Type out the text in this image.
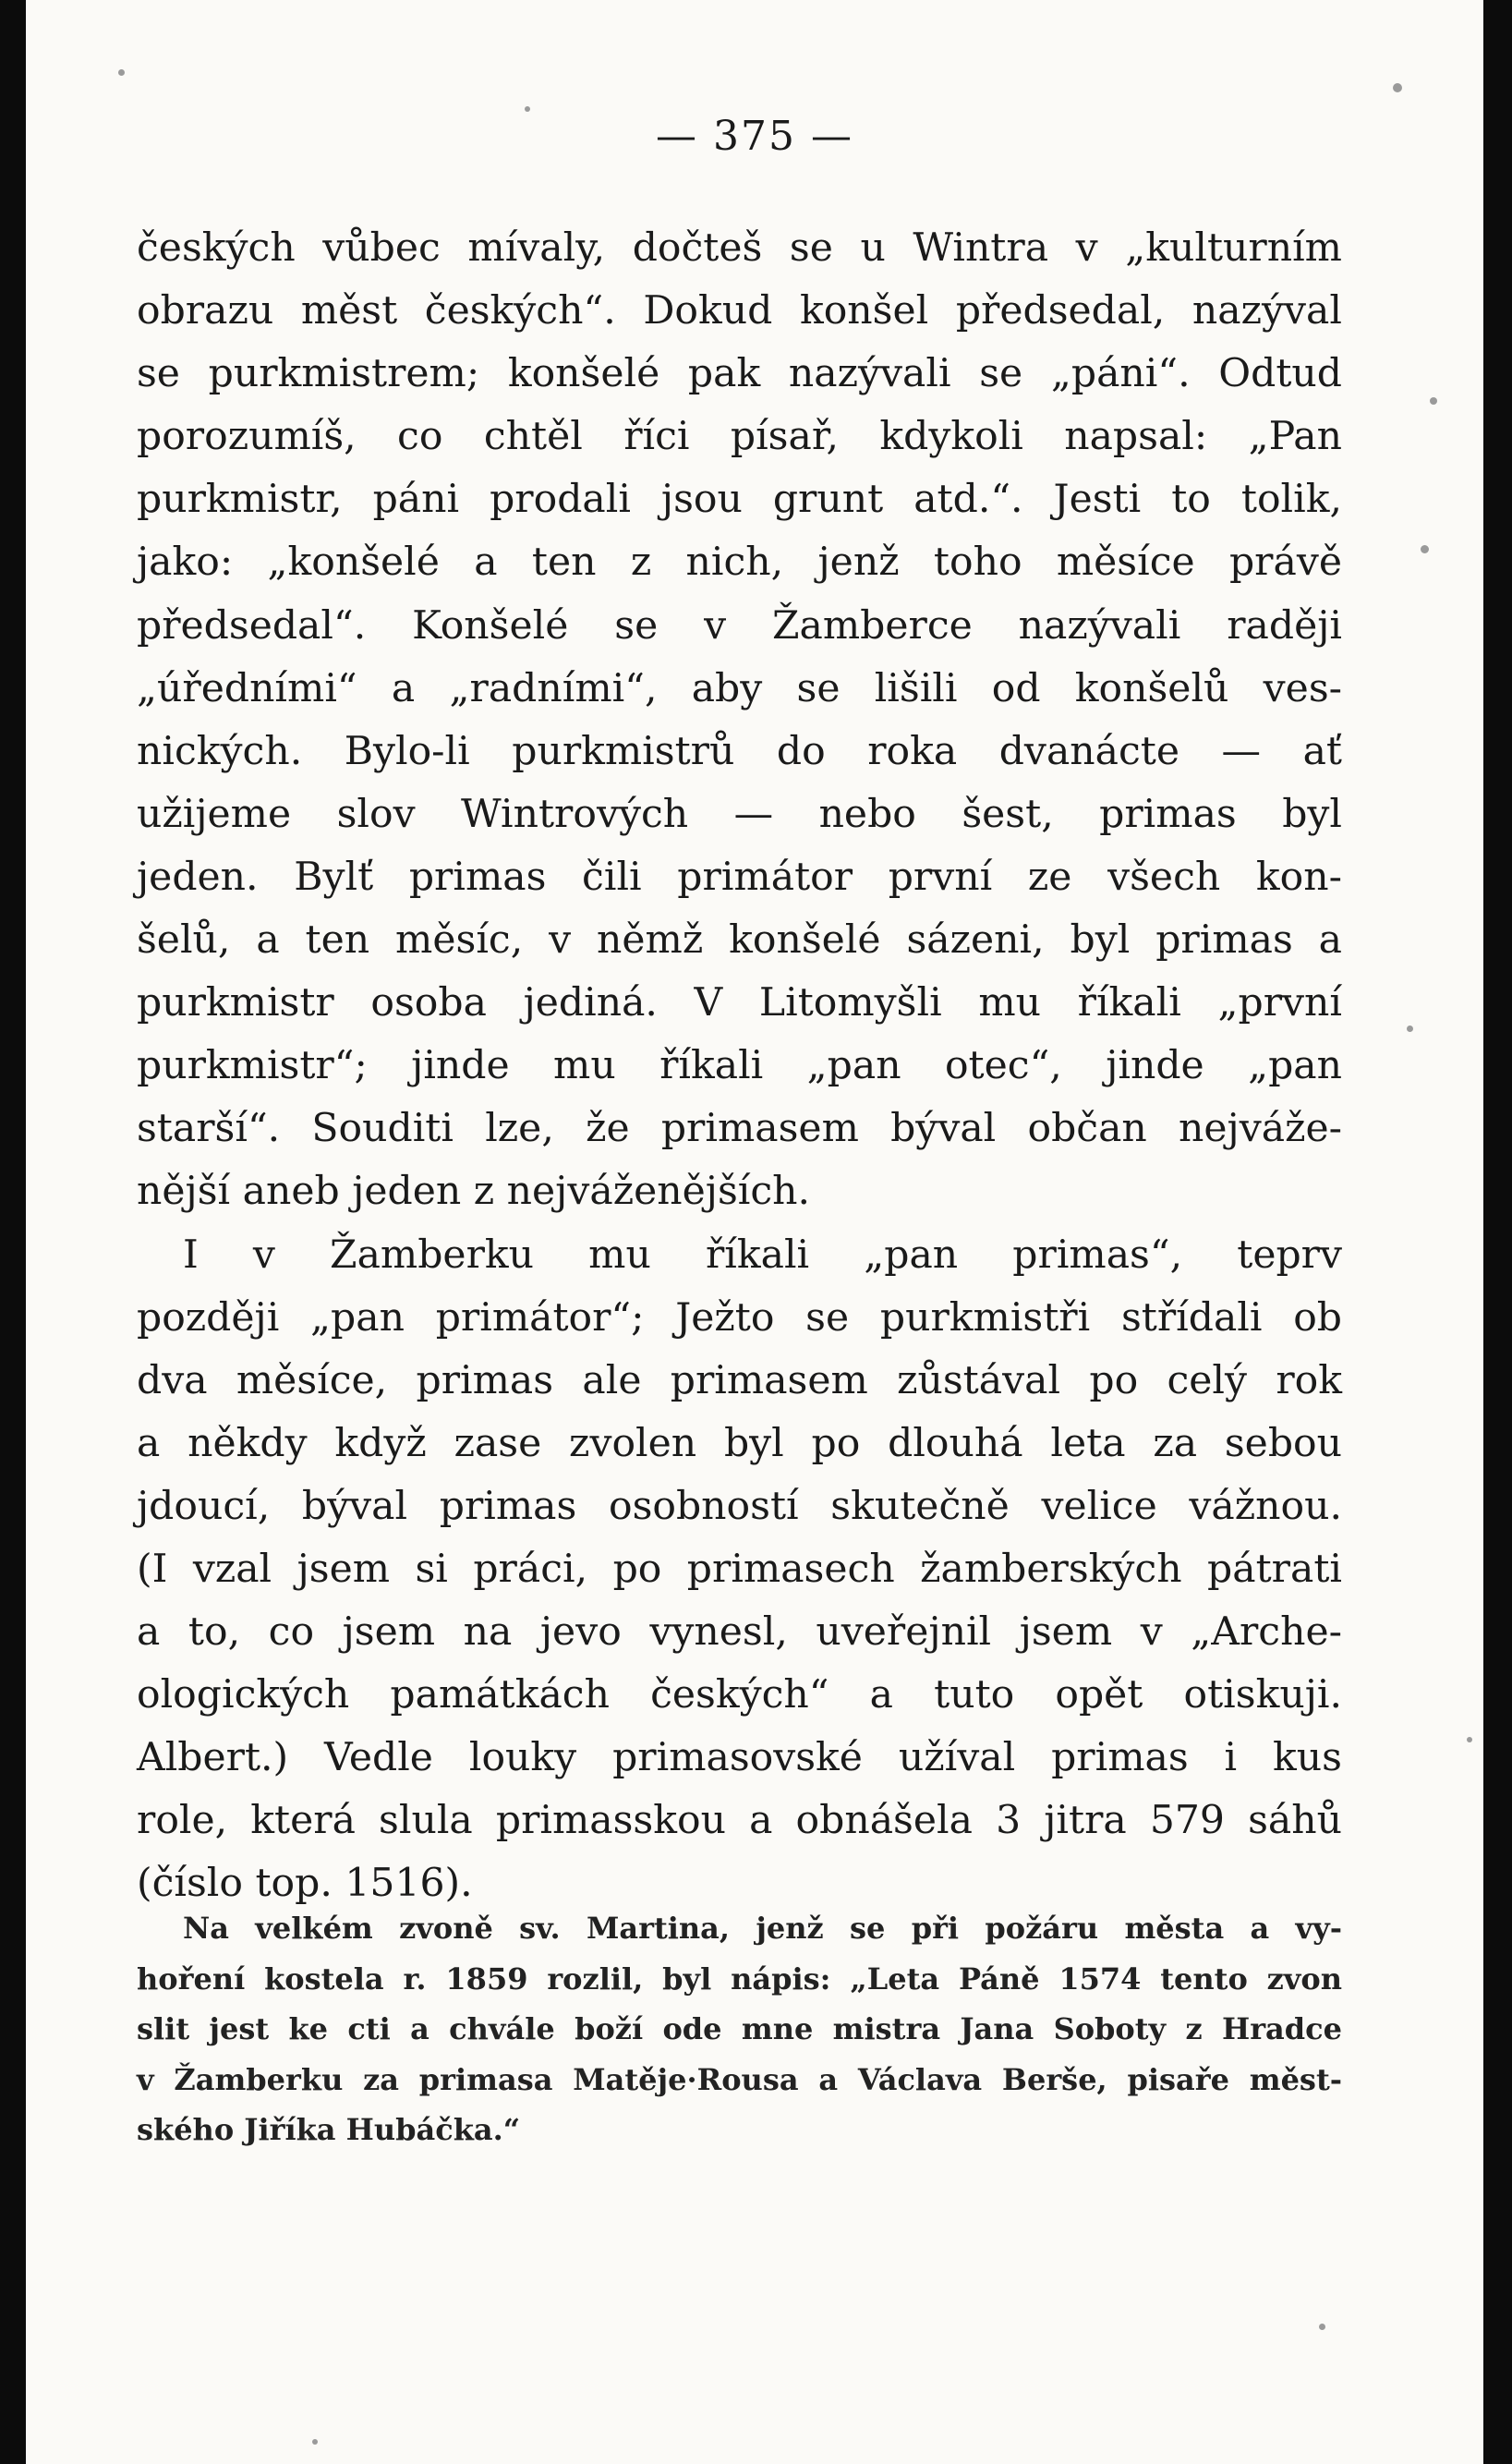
— 375 —
českých vůbec mívaly, dočteš se u Wintra v „kulturním
obrazu měst českých“. Dokud konšel předsedal, nazýval
se purkmistrem; konšelé pak nazývali se „páni“. Odtud
porozumíš, co chtěl říci písař, kdykoli napsal: „Pan
purkmistr, páni prodali jsou grunt atd.“. Jesti to tolik,
jako: „konšelé a ten z nich, jenž toho měsíce právě
předsedal“. Konšelé se v Žamberce nazývali raději
„úředními“ a „radními“, aby se lišili od konšelů ves-
nických. Bylo-li purkmistrů do roka dvanácte — ať
užijeme slov Wintrových — nebo šest, primas byl
jeden. Bylť primas čili primátor první ze všech kon-
šelů, a ten měsíc, v němž konšelé sázeni, byl primas a
purkmistr osoba jediná. V Litomyšli mu říkali „první
purkmistr“; jinde mu říkali „pan otec“, jinde „pan
starší“. Souditi lze, že primasem býval občan nejváže-
nější aneb jeden z nejváženějších.
I v Žamberku mu říkali „pan primas“, teprv
později „pan primátor“; Ježto se purkmistři střídali ob
dva měsíce, primas ale primasem zůstával po celý rok
a někdy když zase zvolen byl po dlouhá leta za sebou
jdoucí, býval primas osobností skutečně velice vážnou.
(I vzal jsem si práci, po primasech žamberských pátrati
a to, co jsem na jevo vynesl, uveřejnil jsem v „Arche-
ologických památkách českých“ a tuto opět otiskuji.
Albert.) Vedle louky primasovské užíval primas i kus
role, která slula primasskou a obnášela 3 jitra 579 sáhů
(číslo top. 1516).
Na velkém zvoně sv. Martina, jenž se při požáru města a vy-
hoření kostela r. 1859 rozlil, byl nápis: „Leta Páně 1574 tento zvon
slit jest ke cti a chvále boží ode mne mistra Jana Soboty z Hradce
v Žamberku za primasa Matěje·Rousa a Václava Berše, pisaře měst-
ského Jiříka Hubáčka.“
